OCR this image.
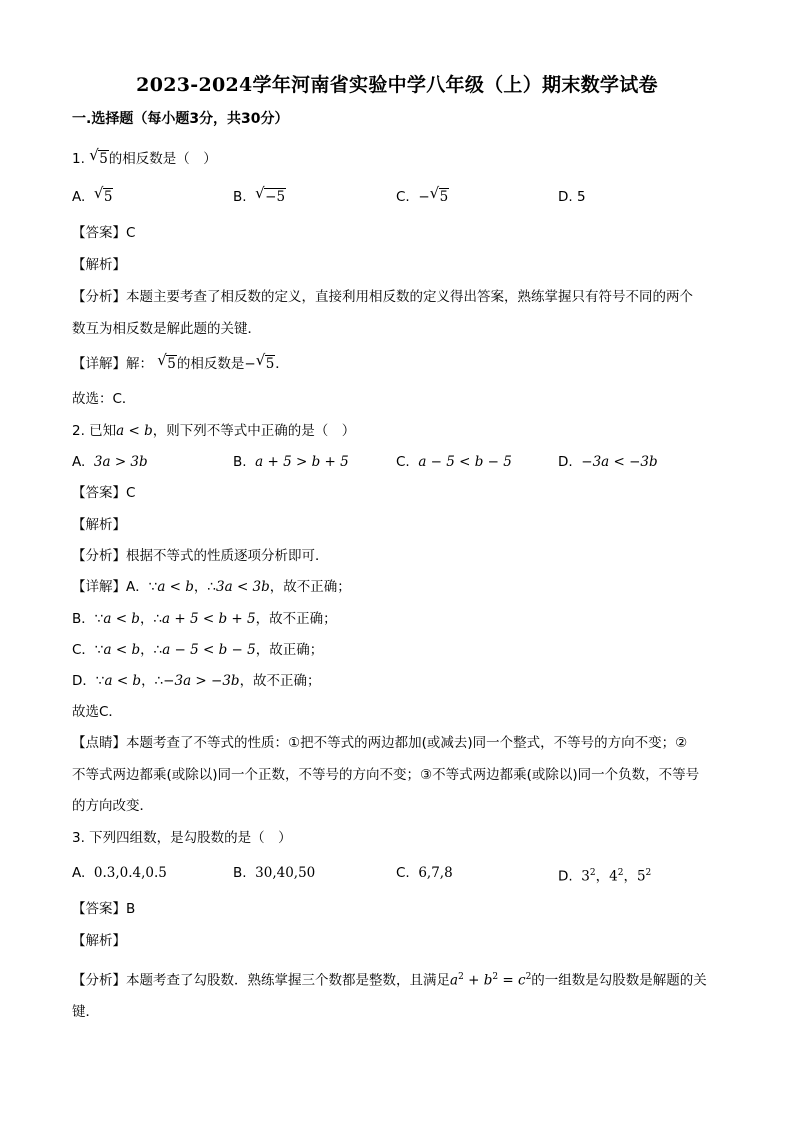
2023-2024学年河南省实验中学八年级（上）期末数学试卷
一.选择题（每小题3分，共30分）
1. √ 5的相反数是（　）
A. √ 5	B. √ −5	C. − √ 5	D. 5
【答案】C
【解析】
【分析】本题主要考查了相反数的定义，直接利用相反数的定义得出答案，熟练掌握只有符号不同的两个
数互为相反数是解此题的关键．
【详解】解： √ 5的相反数是− √ 5．
故选：C．
2. 已知a < b，则下列不等式中正确的是（　）
A. 3a > 3b	B. a + 5 > b + 5	C. a − 5 < b − 5	D. −3a < −3b
【答案】C
【解析】
【分析】根据不等式的性质逐项分析即可．
【详解】A．∵a < b，∴3a < 3b，故不正确；
B．∵a < b，∴a + 5 < b + 5，故不正确；
C．∵a < b，∴a − 5 < b − 5，故正确；
D．∵a < b，∴−3a > −3b，故不正确；
故选C．
【点睛】本题考查了不等式的性质：①把不等式的两边都加(或减去)同一个整式，不等号的方向不变；②
不等式两边都乘(或除以)同一个正数，不等号的方向不变；③不等式两边都乘(或除以)同一个负数，不等号
的方向改变．
3. 下列四组数，是勾股数的是（　）
A. 0.3,0.4,0.5	B. 30,40,50	C. 6,7,8	D. $3^2$，$4^2$，$5^2$
【答案】B
【解析】
【分析】本题考查了勾股数．熟练掌握三个数都是整数，且满足$a^2 + b^2 = c^2$的一组数是勾股数是解题的关
键．
